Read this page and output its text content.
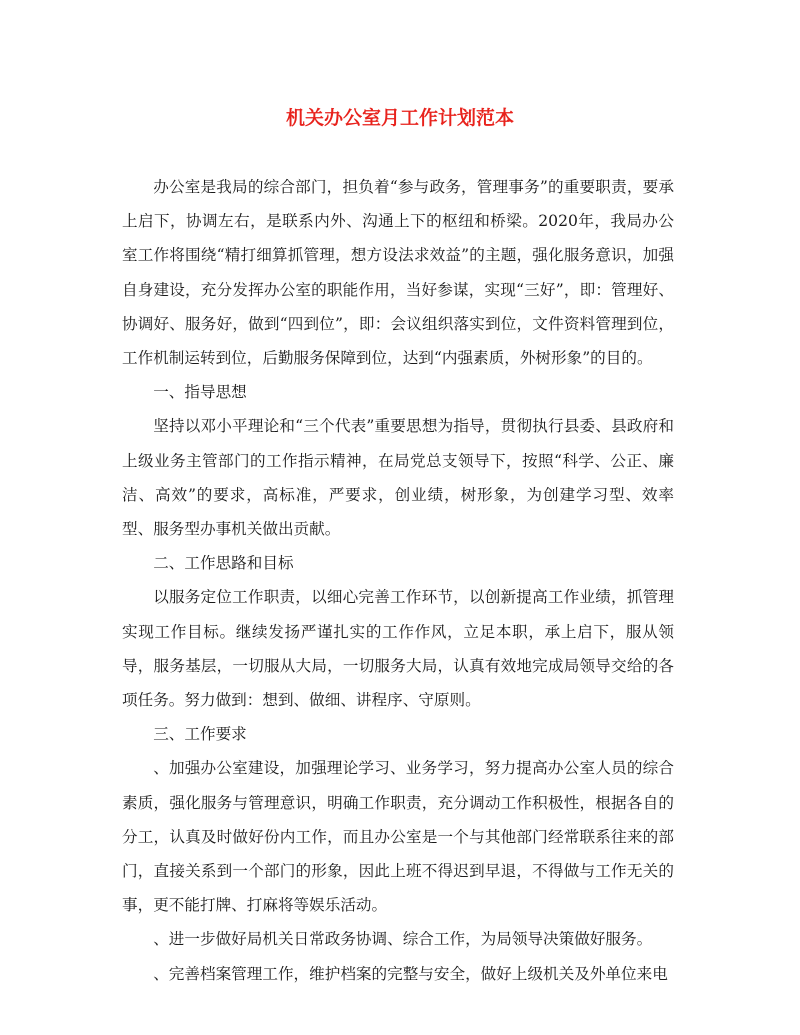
机关办公室月工作计划范本

办公室是我局的综合部门，担负着“参与政务，管理事务”的重要职责，要承上启下，协调左右，是联系内外、沟通上下的枢纽和桥梁。2020年，我局办公室工作将围绕“精打细算抓管理，想方设法求效益”的主题，强化服务意识，加强自身建设，充分发挥办公室的职能作用，当好参谋，实现“三好”，即：管理好、协调好、服务好，做到“四到位”，即：会议组织落实到位，文件资料管理到位，工作机制运转到位，后勤服务保障到位，达到“内强素质，外树形象”的目的。

一、指导思想

坚持以邓小平理论和“三个代表”重要思想为指导，贯彻执行县委、县政府和上级业务主管部门的工作指示精神，在局党总支领导下，按照“科学、公正、廉洁、高效”的要求，高标准，严要求，创业绩，树形象，为创建学习型、效率型、服务型办事机关做出贡献。

二、工作思路和目标

以服务定位工作职责，以细心完善工作环节，以创新提高工作业绩，抓管理实现工作目标。继续发扬严谨扎实的工作作风，立足本职，承上启下，服从领导，服务基层，一切服从大局，一切服务大局，认真有效地完成局领导交给的各项任务。努力做到：想到、做细、讲程序、守原则。

三、工作要求

、加强办公室建设，加强理论学习、业务学习，努力提高办公室人员的综合素质，强化服务与管理意识，明确工作职责，充分调动工作积极性，根据各自的分工，认真及时做好份内工作，而且办公室是一个与其他部门经常联系往来的部门，直接关系到一个部门的形象，因此上班不得迟到早退，不得做与工作无关的事，更不能打牌、打麻将等娱乐活动。

、进一步做好局机关日常政务协调、综合工作，为局领导决策做好服务。

、完善档案管理工作，维护档案的完整与安全，做好上级机关及外单位来电
